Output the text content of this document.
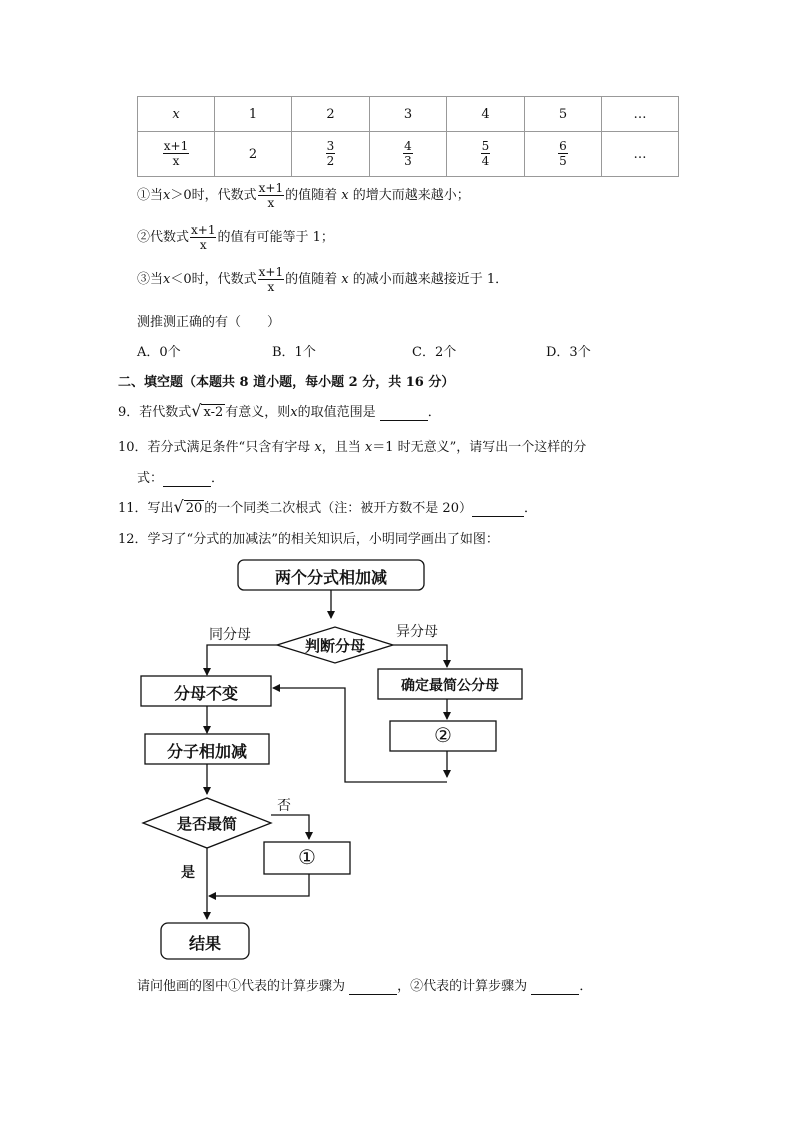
x	1	2	3	4	5	…

$\frac{x+1}{x}$	2	$\frac{3}{2}$	$\frac{4}{3}$	$\frac{5}{4}$	$\frac{6}{5}$	…
①当x＞0时，代数式 $\frac{x+1}{x}$ 的值随着 x 的增大而越来越小；
②代数式 $\frac{x+1}{x}$ 的值有可能等于 1；
③当x＜0时，代数式 $\frac{x+1}{x}$ 的值随着 x 的减小而越来越接近于 1．
测推测正确的有（　　）
A．0个	B．1个	C．2个	D．3个
二、填空题（本题共 8 道小题，每小题 2 分，共 16 分）
9．若代数式√ x-2 有意义，则x的取值范围是	．
10．若分式满足条件“只含有字母 x，且当 x＝1 时无意义”，请写出一个这样的分
式：	．
11．写出√ 20 的一个同类二次根式（注：被开方数不是 20）	．
12．学习了“分式的加减法”的相关知识后，小明同学画出了如图：
两个分式相加减
判断分母
同分母	异分母
分母不变	确定最简公分母
②
分子相加减
是否最简
否
①
是
结果
请问他画的图中①代表的计算步骤为	，②代表的计算步骤为	．
